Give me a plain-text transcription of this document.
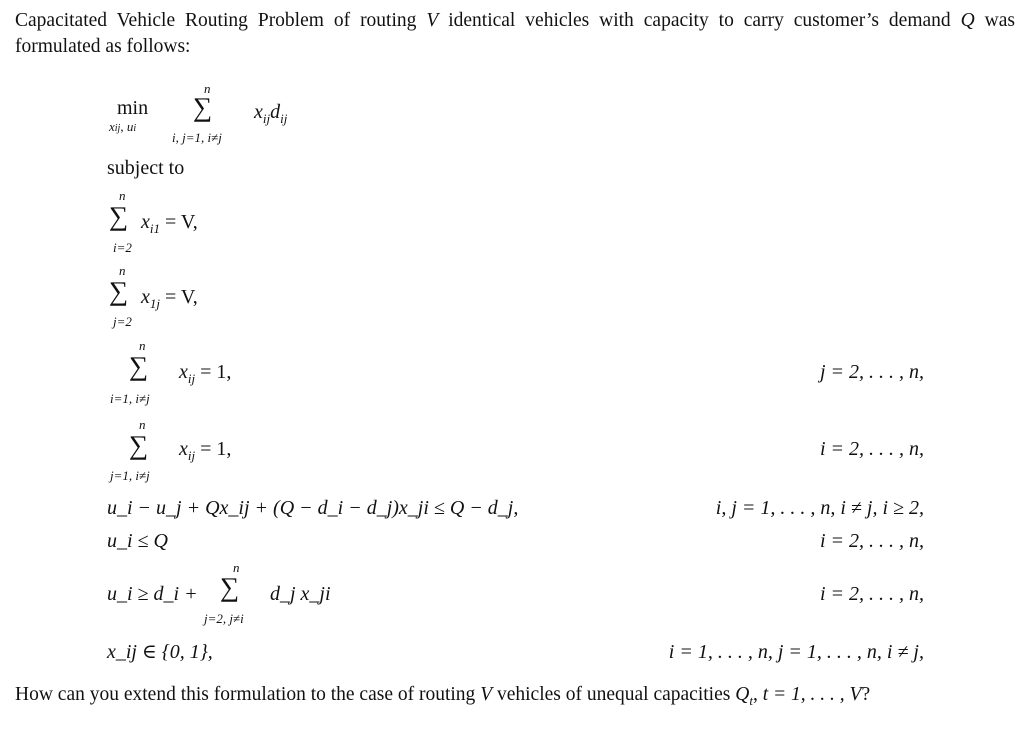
Capacitated Vehicle Routing Problem of routing V identical vehicles with capacity to carry customer’s demand Q was formulated as follows:
min
xij, ui
n
∑
i, j=1, i≠j
$x_{ij}d_{ij}$
subject to
n
∑
i=2
$x_{i1} = V$,
n
∑
j=2
$x_{1j} = V$,
n
∑
i=1, i≠j
$x_{ij} = 1$,	j = 2, . . . , n,
n
∑
j=1, i≠j
$x_{ij} = 1$,	i = 2, . . . , n,
u_i − u_j + Qx_ij + (Q − d_i − d_j)x_ji ≤ Q − d_j,	i, j = 1, . . . , n, i ≠ j, i ≥ 2,
u_i ≤ Q	i = 2, . . . , n,
u_i ≥ d_i +
n
∑
j=2, j≠i
d_j x_ji	i = 2, . . . , n,
x_ij ∈ {0, 1},	i = 1, . . . , n, j = 1, . . . , n, i ≠ j,
How can you extend this formulation to the case of routing V vehicles of unequal capacities $Q_t$, t = 1, . . . , V?
